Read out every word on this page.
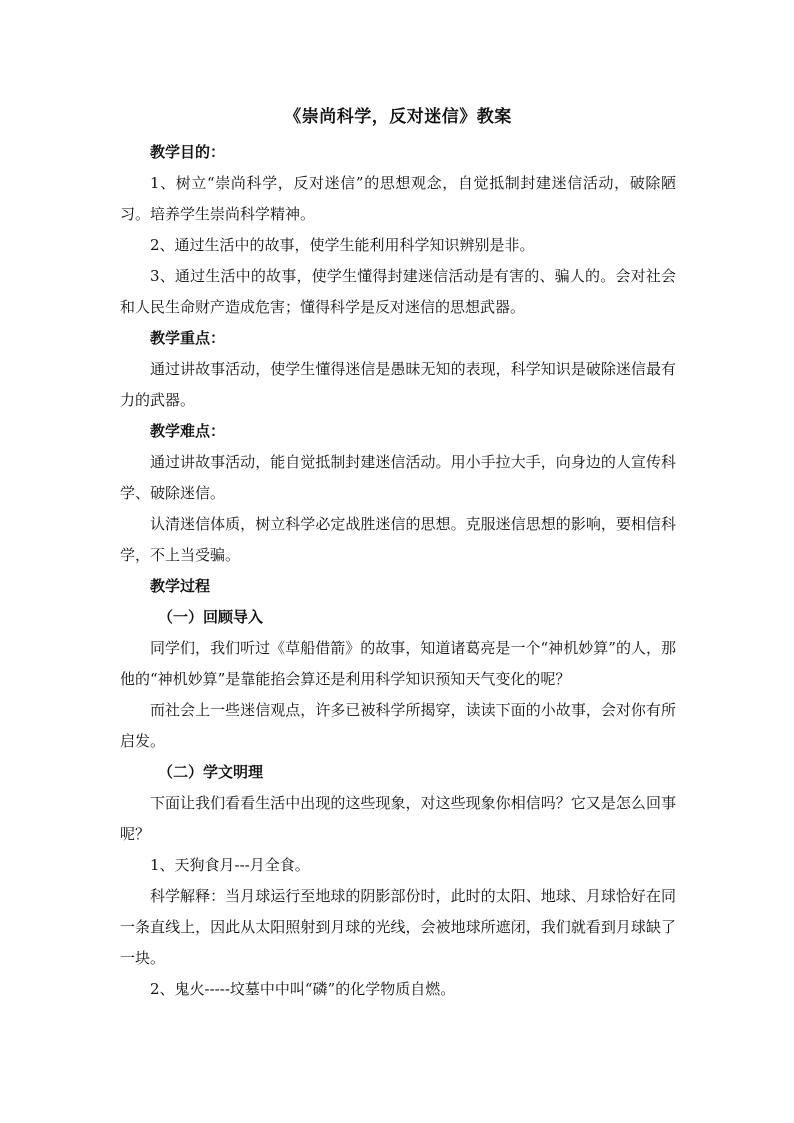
《崇尚科学，反对迷信》教案

教学目的：

1、树立“崇尚科学，反对迷信”的思想观念，自觉抵制封建迷信活动，破除陋习。培养学生崇尚科学精神。

2、通过生活中的故事，使学生能利用科学知识辨别是非。

3、通过生活中的故事，使学生懂得封建迷信活动是有害的、骗人的。会对社会和人民生命财产造成危害；懂得科学是反对迷信的思想武器。

教学重点：

通过讲故事活动，使学生懂得迷信是愚昧无知的表现，科学知识是破除迷信最有力的武器。

教学难点：

通过讲故事活动，能自觉抵制封建迷信活动。用小手拉大手，向身边的人宣传科学、破除迷信。

认清迷信体质，树立科学必定战胜迷信的思想。克服迷信思想的影响，要相信科学，不上当受骗。

教学过程

（一）回顾导入

同学们，我们听过《草船借箭》的故事，知道诸葛亮是一个“神机妙算”的人，那他的“神机妙算”是靠能掐会算还是利用科学知识预知天气变化的呢？

而社会上一些迷信观点，许多已被科学所揭穿，读读下面的小故事，会对你有所启发。

（二）学文明理

下面让我们看看生活中出现的这些现象，对这些现象你相信吗？它又是怎么回事呢？

1、天狗食月---月全食。

科学解释：当月球运行至地球的阴影部份时，此时的太阳、地球、月球恰好在同一条直线上，因此从太阳照射到月球的光线，会被地球所遮闭，我们就看到月球缺了一块。

2、鬼火-----坟墓中中叫“磷”的化学物质自燃。
